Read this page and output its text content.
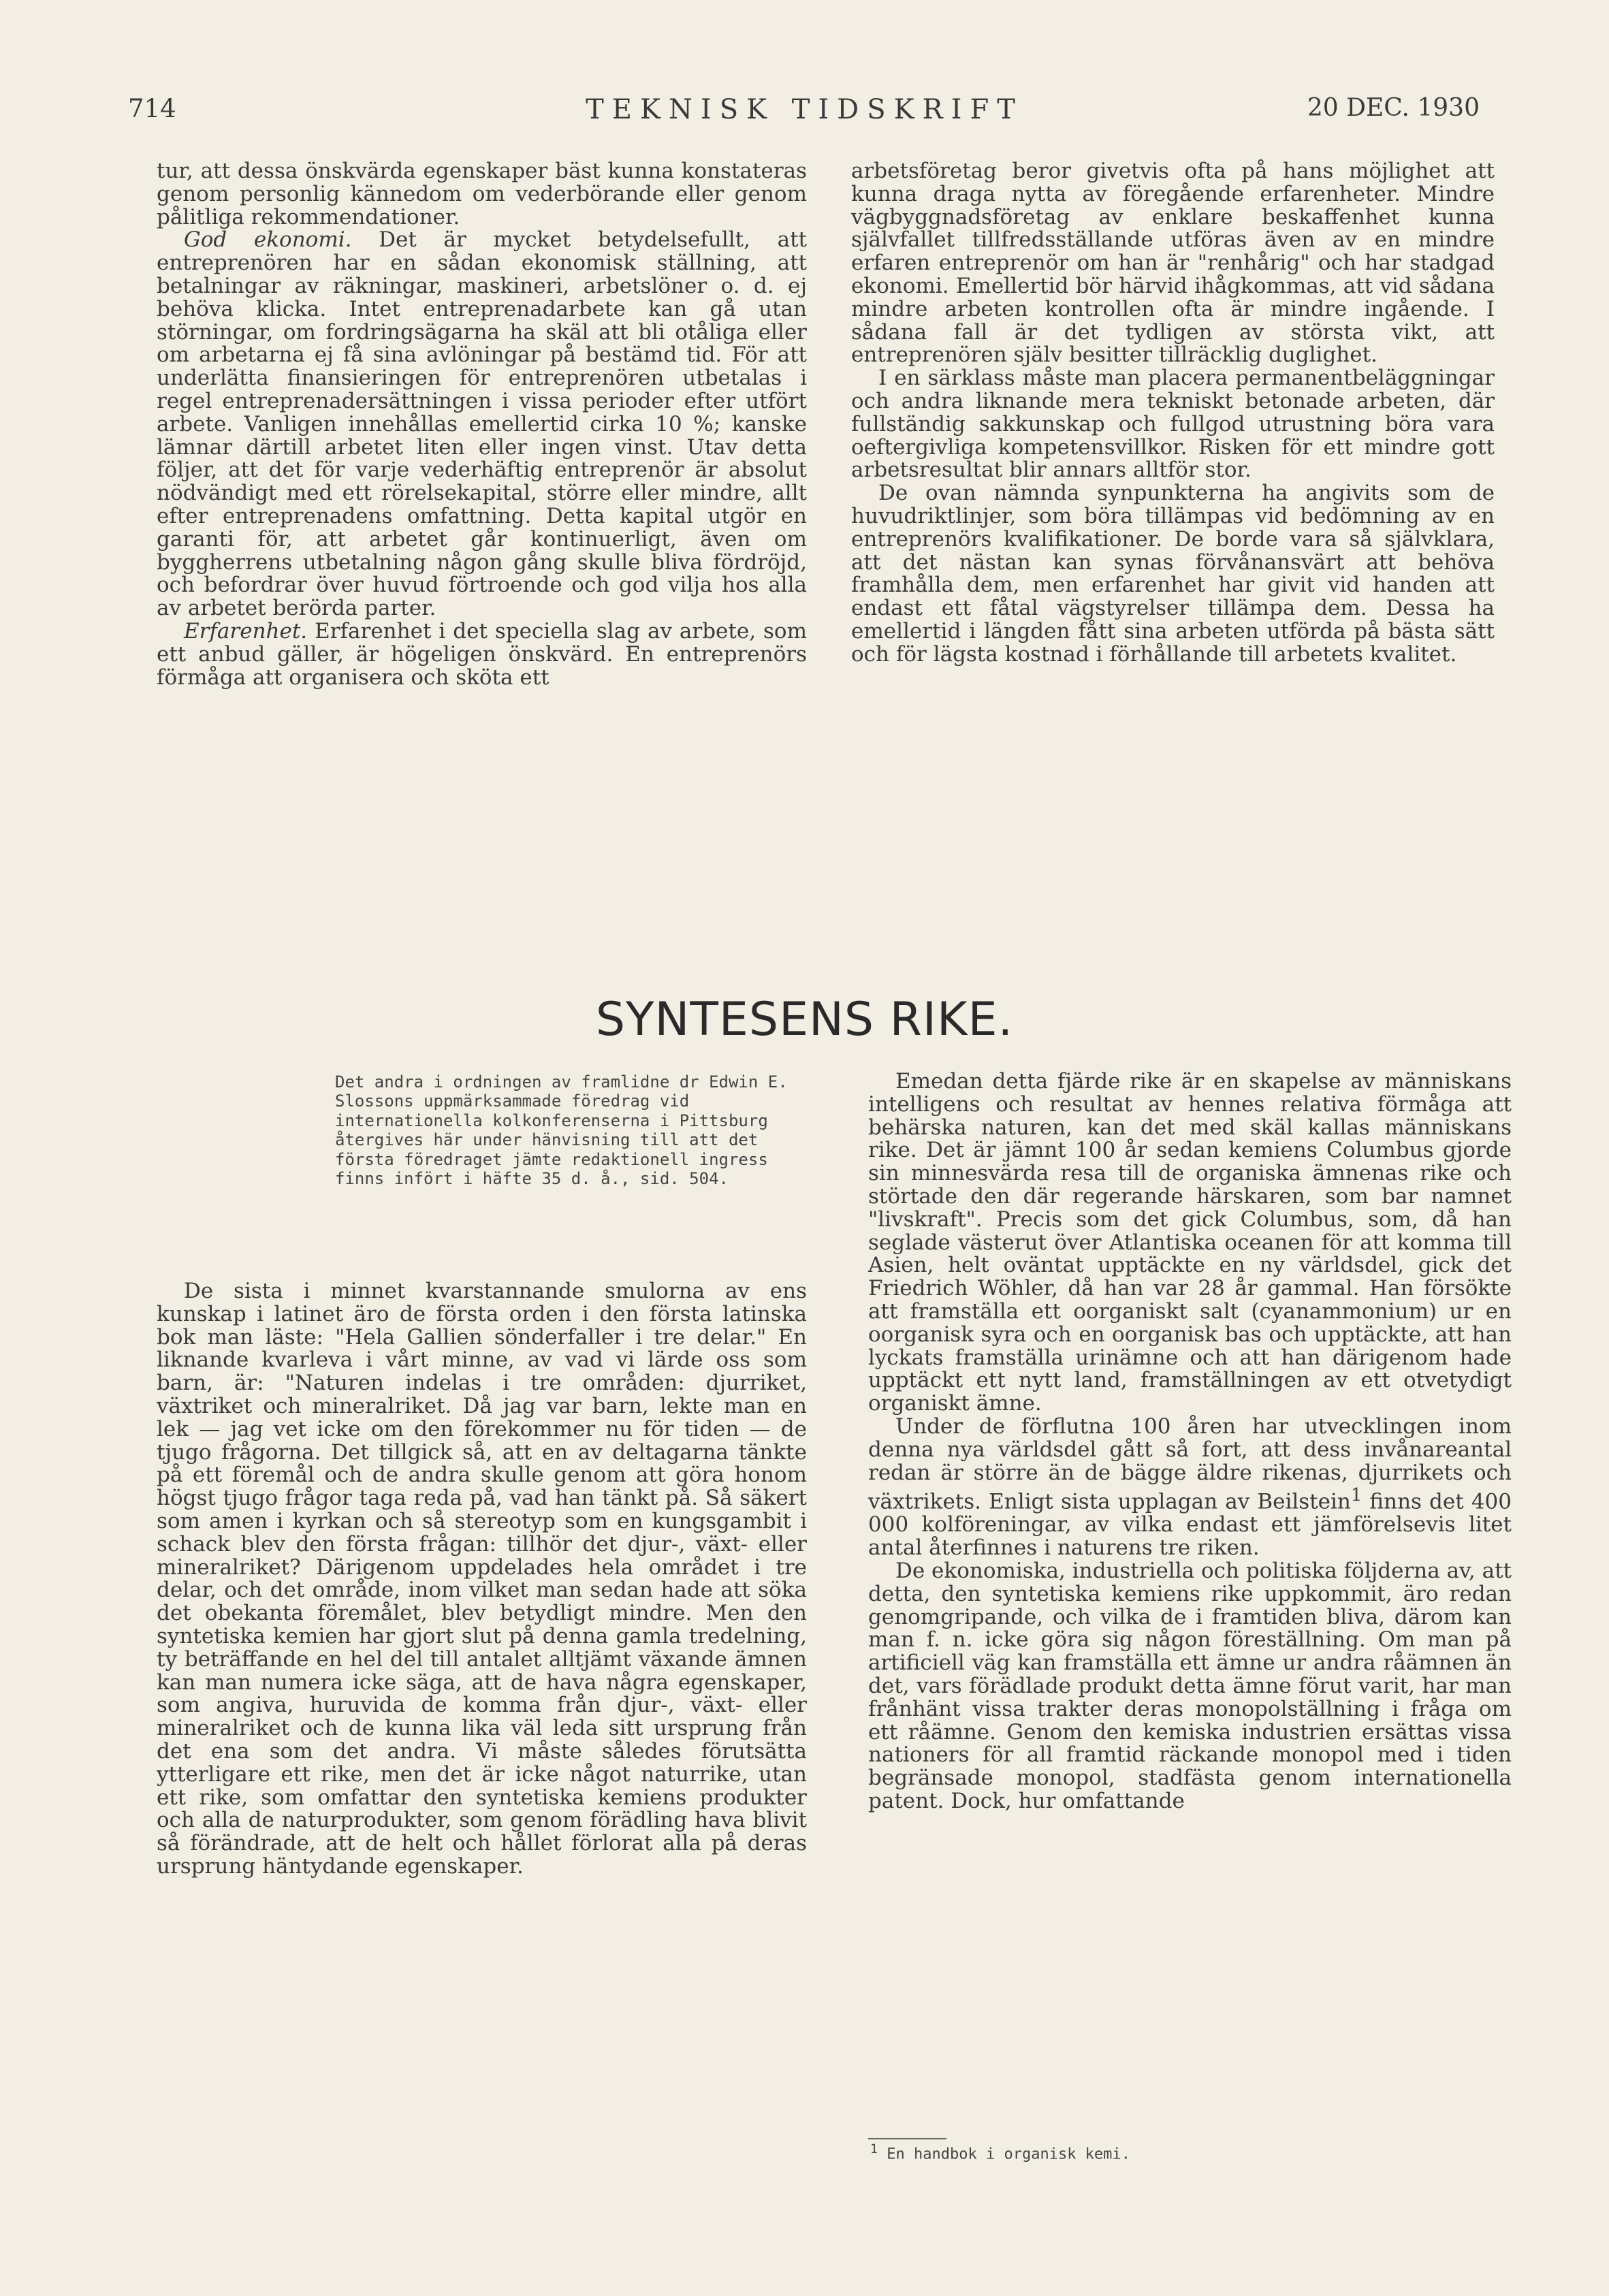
714	TEKNISK TIDSKRIFT	20 DEC. 1930

tur, att dessa önskvärda egenskaper bäst kunna konstateras genom personlig kännedom om vederbörande eller genom pålitliga rekommendationer.

God ekonomi. Det är mycket betydelsefullt, att entreprenören har en sådan ekonomisk ställning, att betalningar av räkningar, maskineri, arbetslöner o. d. ej behöva klicka. Intet entreprenadarbete kan gå utan störningar, om fordringsägarna ha skäl att bli otåliga eller om arbetarna ej få sina avlöningar på bestämd tid. För att underlätta finansieringen för entreprenören utbetalas i regel entreprenadersättningen i vissa perioder efter utfört arbete. Vanligen innehållas emellertid cirka 10 %; kanske lämnar därtill arbetet liten eller ingen vinst. Utav detta följer, att det för varje vederhäftig entreprenör är absolut nödvändigt med ett rörelsekapital, större eller mindre, allt efter entreprenadens omfattning. Detta kapital utgör en garanti för, att arbetet går kontinuerligt, även om byggherrens utbetalning någon gång skulle bliva fördröjd, och befordrar över huvud förtroende och god vilja hos alla av arbetet berörda parter.

Erfarenhet. Erfarenhet i det speciella slag av arbete, som ett anbud gäller, är högeligen önskvärd. En entreprenörs förmåga att organisera och sköta ett

arbetsföretag beror givetvis ofta på hans möjlighet att kunna draga nytta av föregående erfarenheter. Mindre vägbyggnadsföretag av enklare beskaffenhet kunna självfallet tillfredsställande utföras även av en mindre erfaren entreprenör om han är "renhårig" och har stadgad ekonomi. Emellertid bör härvid ihågkommas, att vid sådana mindre arbeten kontrollen ofta är mindre ingående. I sådana fall är det tydligen av största vikt, att entreprenören själv besitter tillräcklig duglighet.

I en särklass måste man placera permanentbeläggningar och andra liknande mera tekniskt betonade arbeten, där fullständig sakkunskap och fullgod utrustning böra vara oeftergivliga kompetensvillkor. Risken för ett mindre gott arbetsresultat blir annars alltför stor.

De ovan nämnda synpunkterna ha angivits som de huvudriktlinjer, som böra tillämpas vid bedömning av en entreprenörs kvalifikationer. De borde vara så självklara, att det nästan kan synas förvånansvärt att behöva framhålla dem, men erfarenhet har givit vid handen att endast ett fåtal vägstyrelser tillämpa dem. Dessa ha emellertid i längden fått sina arbeten utförda på bästa sätt och för lägsta kostnad i förhållande till arbetets kvalitet.

SYNTESENS RIKE.
Det andra i ordningen av framlidne dr Edwin E. Slossons uppmärksammade föredrag vid internationella kolkonferenserna i Pittsburg återgives här under hänvisning till att det första föredraget jämte redaktionell ingress finns infört i häfte 35 d. å., sid. 504.

De sista i minnet kvarstannande smulorna av ens kunskap i latinet äro de första orden i den första latinska bok man läste: "Hela Gallien sönderfaller i tre delar." En liknande kvarleva i vårt minne, av vad vi lärde oss som barn, är: "Naturen indelas i tre områden: djurriket, växtriket och mineralriket. Då jag var barn, lekte man en lek — jag vet icke om den förekommer nu för tiden — de tjugo frågorna. Det tillgick så, att en av deltagarna tänkte på ett föremål och de andra skulle genom att göra honom högst tjugo frågor taga reda på, vad han tänkt på. Så säkert som amen i kyrkan och så stereotyp som en kungsgambit i schack blev den första frågan: tillhör det djur-, växt- eller mineralriket? Därigenom uppdelades hela området i tre delar, och det område, inom vilket man sedan hade att söka det obekanta föremålet, blev betydligt mindre. Men den syntetiska kemien har gjort slut på denna gamla tredelning, ty beträffande en hel del till antalet alltjämt växande ämnen kan man numera icke säga, att de hava några egenskaper, som angiva, huruvida de komma från djur-, växt- eller mineralriket och de kunna lika väl leda sitt ursprung från det ena som det andra. Vi måste således förutsätta ytterligare ett rike, men det är icke något naturrike, utan ett rike, som omfattar den syntetiska kemiens produkter och alla de naturprodukter, som genom förädling hava blivit så förändrade, att de helt och hållet förlorat alla på deras ursprung häntydande egenskaper.

Emedan detta fjärde rike är en skapelse av människans intelligens och resultat av hennes relativa förmåga att behärska naturen, kan det med skäl kallas människans rike. Det är jämnt 100 år sedan kemiens Columbus gjorde sin minnesvärda resa till de organiska ämnenas rike och störtade den där regerande härskaren, som bar namnet "livskraft". Precis som det gick Columbus, som, då han seglade västerut över Atlantiska oceanen för att komma till Asien, helt oväntat upptäckte en ny världsdel, gick det Friedrich Wöhler, då han var 28 år gammal. Han försökte att framställa ett oorganiskt salt (cyanammonium) ur en oorganisk syra och en oorganisk bas och upptäckte, att han lyckats framställa urinämne och att han därigenom hade upptäckt ett nytt land, framställningen av ett otvetydigt organiskt ämne.

Under de förflutna 100 åren har utvecklingen inom denna nya världsdel gått så fort, att dess invånareantal redan är större än de bägge äldre rikenas, djurrikets och växtrikets. Enligt sista upplagan av Beilstein$^1$ finns det 400 000 kolföreningar, av vilka endast ett jämförelsevis litet antal återfinnes i naturens tre riken.

De ekonomiska, industriella och politiska följderna av, att detta, den syntetiska kemiens rike uppkommit, äro redan genomgripande, och vilka de i framtiden bliva, därom kan man f. n. icke göra sig någon föreställning. Om man på artificiell väg kan framställa ett ämne ur andra råämnen än det, vars förädlade produkt detta ämne förut varit, har man frånhänt vissa trakter deras monopolställning i fråga om ett råämne. Genom den kemiska industrien ersättas vissa nationers för all framtid räckande monopol med i tiden begränsade monopol, stadfästa genom internationella patent. Dock, hur omfattande

$^1$ En handbok i organisk kemi.
